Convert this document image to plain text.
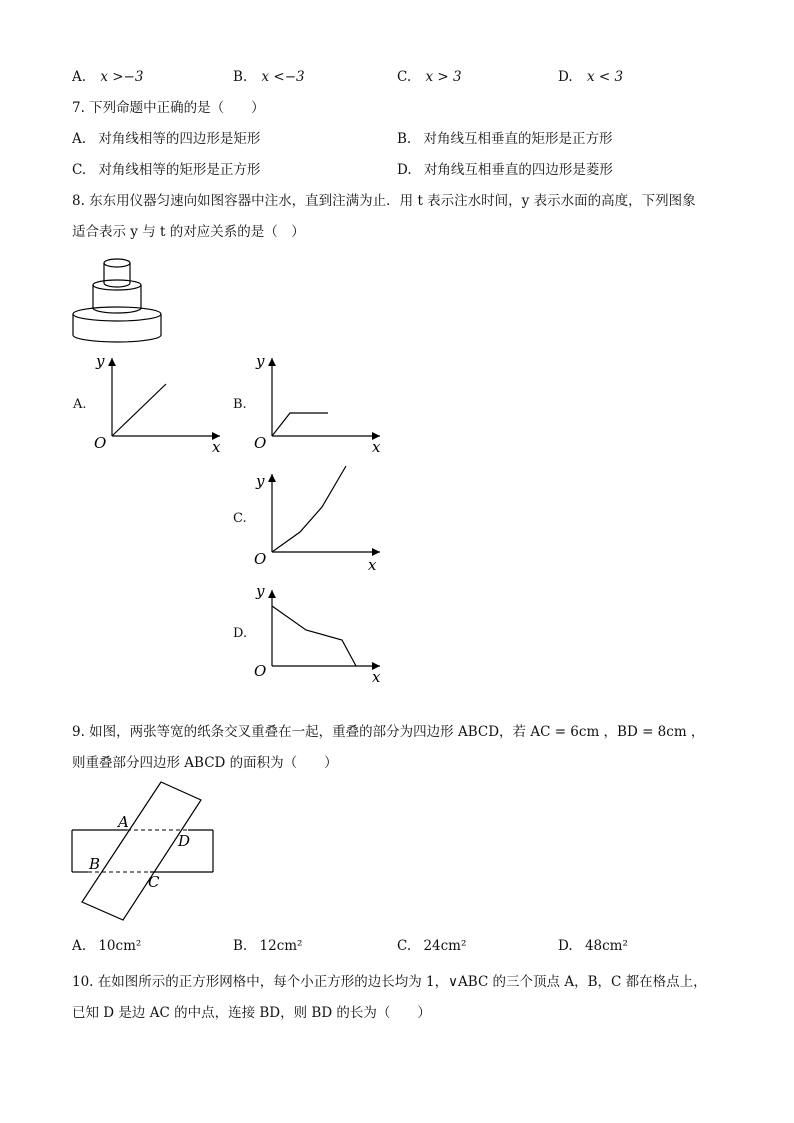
A. x >−3	B. x <−3	C. x > 3	D. x < 3
7. 下列命题中正确的是（　　）
A. 对角线相等的四边形是矩形	B. 对角线互相垂直的矩形是正方形
C. 对角线相等的矩形是正方形	D. 对角线互相垂直的四边形是菱形
8. 东东用仪器匀速向如图容器中注水，直到注满为止．用 t 表示注水时间，y 表示水面的高度，下列图象
适合表示 y 与 t 的对应关系的是（　）
A.
y
x
O
B.
y
x
O
C.
y
x
O
D.
y
x
O
9. 如图，两张等宽的纸条交叉重叠在一起，重叠的部分为四边形 ABCD，若 AC = 6cm ，BD = 8cm ，
则重叠部分四边形 ABCD 的面积为（　　）
A
D
B
C
A. 10cm²	B. 12cm²	C. 24cm²	D. 48cm²
10. 在如图所示的正方形网格中，每个小正方形的边长均为 1，∨ABC 的三个顶点 A，B，C 都在格点上，
已知 D 是边 AC 的中点，连接 BD，则 BD 的长为（　　）
